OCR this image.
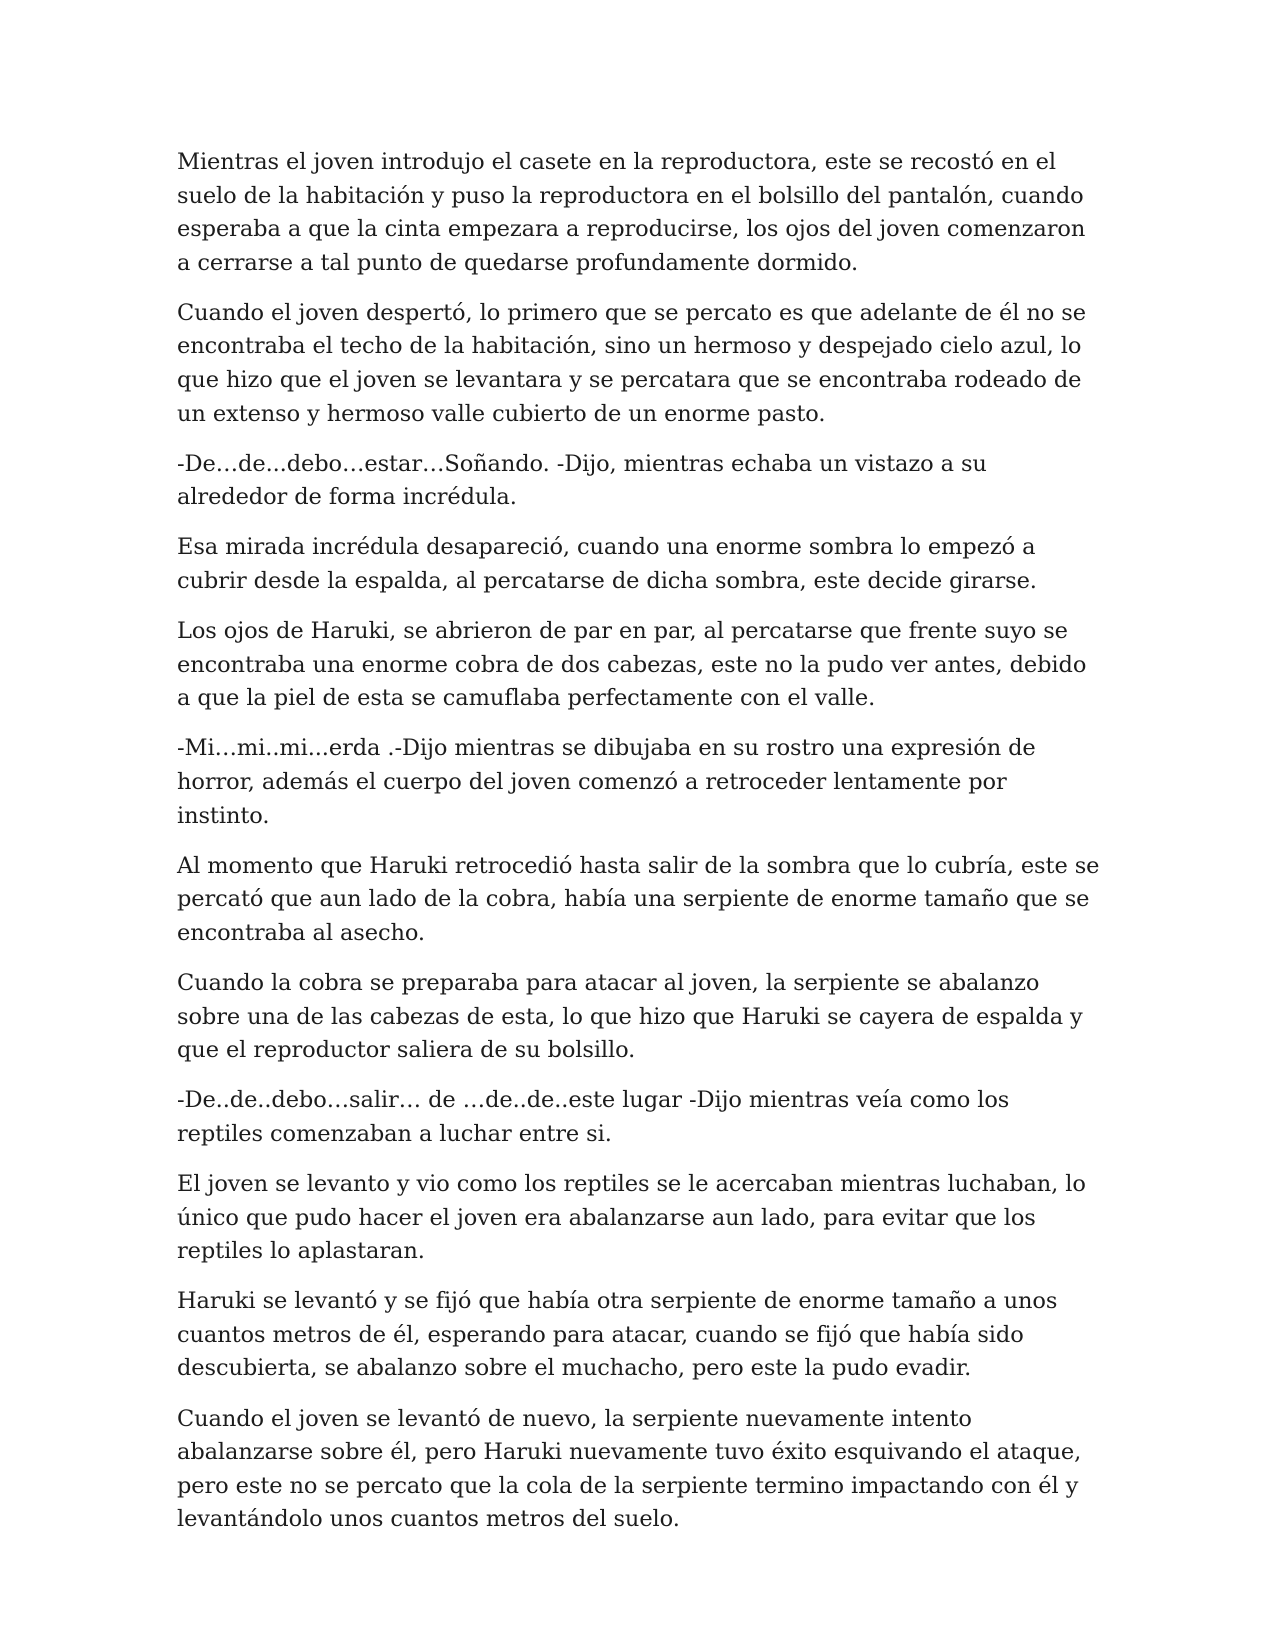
Mientras el joven introdujo el casete en la reproductora, este se recostó en el suelo de la habitación y puso la reproductora en el bolsillo del pantalón, cuando esperaba a que la cinta empezara a reproducirse, los ojos del joven comenzaron a cerrarse a tal punto de quedarse profundamente dormido.

Cuando el joven despertó, lo primero que se percato es que adelante de él no se encontraba el techo de la habitación, sino un hermoso y despejado cielo azul, lo que hizo que el joven se levantara y se percatara que se encontraba rodeado de un extenso y hermoso valle cubierto de un enorme pasto.

-De…de...debo…estar…Soñando. -Dijo, mientras echaba un vistazo a su alrededor de forma incrédula.

Esa mirada incrédula desapareció, cuando una enorme sombra lo empezó a cubrir desde la espalda, al percatarse de dicha sombra, este decide girarse.

Los ojos de Haruki, se abrieron de par en par, al percatarse que frente suyo se encontraba una enorme cobra de dos cabezas, este no la pudo ver antes, debido a que la piel de esta se camuflaba perfectamente con el valle.

-Mi…mi..mi...erda .-Dijo mientras se dibujaba en su rostro una expresión de horror, además el cuerpo del joven comenzó a retroceder lentamente por instinto.

Al momento que Haruki retrocedió hasta salir de la sombra que lo cubría, este se percató que aun lado de la cobra, había una serpiente de enorme tamaño que se encontraba al asecho.

Cuando la cobra se preparaba para atacar al joven, la serpiente se abalanzo sobre una de las cabezas de esta, lo que hizo que Haruki se cayera de espalda y que el reproductor saliera de su bolsillo.

-De..de..debo…salir… de …de..de..este lugar -Dijo mientras veía como los reptiles comenzaban a luchar entre si.

El joven se levanto y vio como los reptiles se le acercaban mientras luchaban, lo único que pudo hacer el joven era abalanzarse aun lado, para evitar que los reptiles lo aplastaran.

Haruki se levantó y se fijó que había otra serpiente de enorme tamaño a unos cuantos metros de él, esperando para atacar, cuando se fijó que había sido descubierta, se abalanzo sobre el muchacho, pero este la pudo evadir.

Cuando el joven se levantó de nuevo, la serpiente nuevamente intento abalanzarse sobre él, pero Haruki nuevamente tuvo éxito esquivando el ataque, pero este no se percato que la cola de la serpiente termino impactando con él y levantándolo unos cuantos metros del suelo.
